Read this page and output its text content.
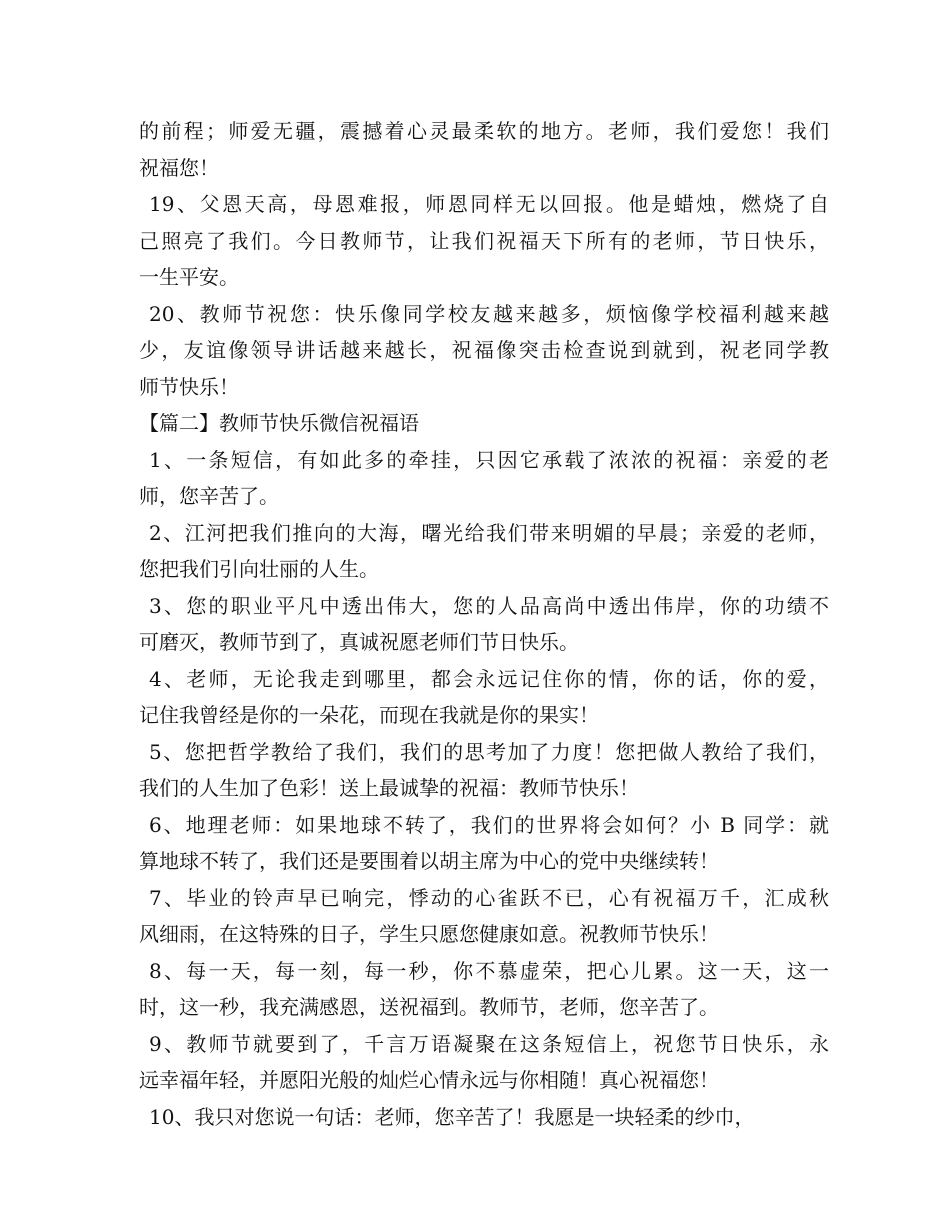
的前程；师爱无疆，震撼着心灵最柔软的地方。老师，我们爱您！我们
祝福您！
19、父恩天高，母恩难报，师恩同样无以回报。他是蜡烛，燃烧了自
己照亮了我们。今日教师节，让我们祝福天下所有的老师，节日快乐，
一生平安。
20、教师节祝您：快乐像同学校友越来越多，烦恼像学校福利越来越
少，友谊像领导讲话越来越长，祝福像突击检查说到就到，祝老同学教
师节快乐！
【篇二】教师节快乐微信祝福语
1、一条短信，有如此多的牵挂，只因它承载了浓浓的祝福：亲爱的老
师，您辛苦了。
2、江河把我们推向的大海，曙光给我们带来明媚的早晨；亲爱的老师，
您把我们引向壮丽的人生。
3、您的职业平凡中透出伟大，您的人品高尚中透出伟岸，你的功绩不
可磨灭，教师节到了，真诚祝愿老师们节日快乐。
4、老师，无论我走到哪里，都会永远记住你的情，你的话，你的爱，
记住我曾经是你的一朵花，而现在我就是你的果实！
5、您把哲学教给了我们，我们的思考加了力度！您把做人教给了我们，
我们的人生加了色彩！送上最诚挚的祝福：教师节快乐！
6、地理老师：如果地球不转了，我们的世界将会如何？小 B 同学：就
算地球不转了，我们还是要围着以胡主席为中心的党中央继续转！
7、毕业的铃声早已响完，悸动的心雀跃不已，心有祝福万千，汇成秋
风细雨，在这特殊的日子，学生只愿您健康如意。祝教师节快乐！
8、每一天，每一刻，每一秒，你不慕虚荣，把心儿累。这一天，这一
时，这一秒，我充满感恩，送祝福到。教师节，老师，您辛苦了。
9、教师节就要到了，千言万语凝聚在这条短信上，祝您节日快乐，永
远幸福年轻，并愿阳光般的灿烂心情永远与你相随！真心祝福您！
10、我只对您说一句话：老师，您辛苦了！我愿是一块轻柔的纱巾，
